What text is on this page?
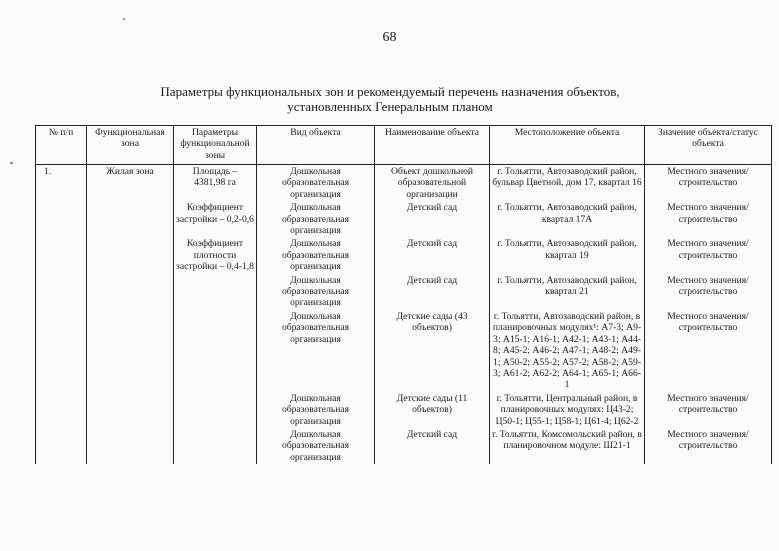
68
Параметры функциональных зон и рекомендуемый перечень назначения объектов,
установленных Генеральным планом
№ п/п	Функциональная зона	Параметры функциональной зоны	Вид объекта	Наименование объекта	Местоположение объекта	Значение объекта/статус объекта
1.	Жилая зона	Площадь – 4381,98 га	Дошкольная образовательная организация	Объект дошкольной образовательной организации	г. Тольятти, Автозаводский район, бульвар Цветной, дом 17, квартал 16	Местного значения/ строительство
		Коэффициент застройки – 0,2-0,6	Дошкольная образовательная организация	Детский сад	г. Тольятти, Автозаводский район, квартал 17А	Местного значения/ строительство
		Коэффициент плотности застройки – 0,4-1,8	Дошкольная образовательная организация	Детский сад	г. Тольятти, Автозаводский район, квартал 19	Местного значения/ строительство
			Дошкольная образовательная организация	Детский сад	г. Тольятти, Автозаводский район, квартал 21	Местного значения/ строительство
			Дошкольная образовательная организация	Детские сады (43 объектов)	г. Тольятти, Автозаводский район, в планировочных модулях¹: А7-3; А9-3; А15-1; А16-1; А42-1; А43-1; А44-8; А45-2; А46-2; А47-1; А48-2; А49-1; А50-2; А55-2; А57-2; А58-2; А59-3; А61-2; А62-2; А64-1; А65-1; А66-1	Местного значения/ строительство
			Дошкольная образовательная организация	Детские сады (11 объектов)	г. Тольятти, Центральный район, в планировочных модулях: Ц43-2; Ц50-1; Ц55-1; Ц58-1; Ц61-4; Ц62-2	Местного значения/ строительство
			Дошкольная образовательная организация	Детский сад	г. Тольятти, Комсомольский район, в планировочном модуле: Ш21-1	Местного значения/ строительство
